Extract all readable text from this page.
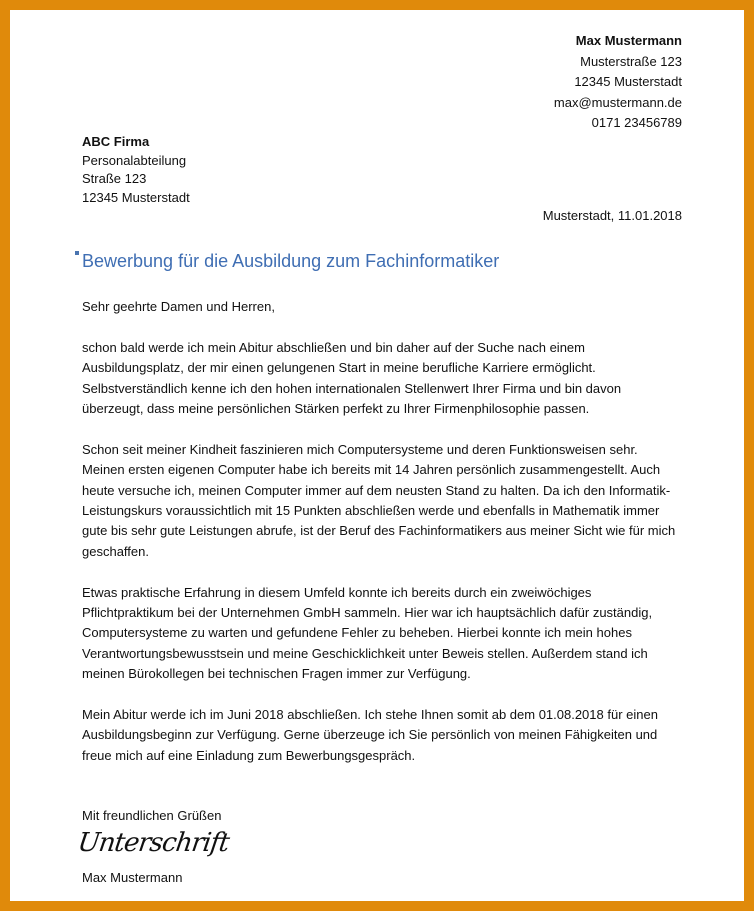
Max Mustermann
Musterstraße 123
12345 Musterstadt
max@mustermann.de
0171 23456789
ABC Firma
Personalabteilung
Straße 123
12345 Musterstadt
Musterstadt, 11.01.2018
Bewerbung für die Ausbildung zum Fachinformatiker

Sehr geehrte Damen und Herren,

schon bald werde ich mein Abitur abschließen und bin daher auf der Suche nach einem Ausbildungsplatz, der mir einen gelungenen Start in meine berufliche Karriere ermöglicht. Selbstverständlich kenne ich den hohen internationalen Stellenwert Ihrer Firma und bin davon überzeugt, dass meine persönlichen Stärken perfekt zu Ihrer Firmenphilosophie passen.

Schon seit meiner Kindheit faszinieren mich Computersysteme und deren Funktionsweisen sehr. Meinen ersten eigenen Computer habe ich bereits mit 14 Jahren persönlich zusammengestellt. Auch heute versuche ich, meinen Computer immer auf dem neusten Stand zu halten. Da ich den Informatik-Leistungskurs voraussichtlich mit 15 Punkten abschließen werde und ebenfalls in Mathematik immer gute bis sehr gute Leistungen abrufe, ist der Beruf des Fachinformatikers aus meiner Sicht wie für mich geschaffen.

Etwas praktische Erfahrung in diesem Umfeld konnte ich bereits durch ein zweiwöchiges Pflichtpraktikum bei der Unternehmen GmbH sammeln. Hier war ich hauptsächlich dafür zuständig, Computersysteme zu warten und gefundene Fehler zu beheben. Hierbei konnte ich mein hohes Verantwortungsbewusstsein und meine Geschicklichkeit unter Beweis stellen. Außerdem stand ich meinen Bürokollegen bei technischen Fragen immer zur Verfügung.

Mein Abitur werde ich im Juni 2018 abschließen. Ich stehe Ihnen somit ab dem 01.08.2018 für einen Ausbildungsbeginn zur Verfügung. Gerne überzeuge ich Sie persönlich von meinen Fähigkeiten und freue mich auf eine Einladung zum Bewerbungsgespräch.

Mit freundlichen Grüßen
Unterschrift
Max Mustermann
